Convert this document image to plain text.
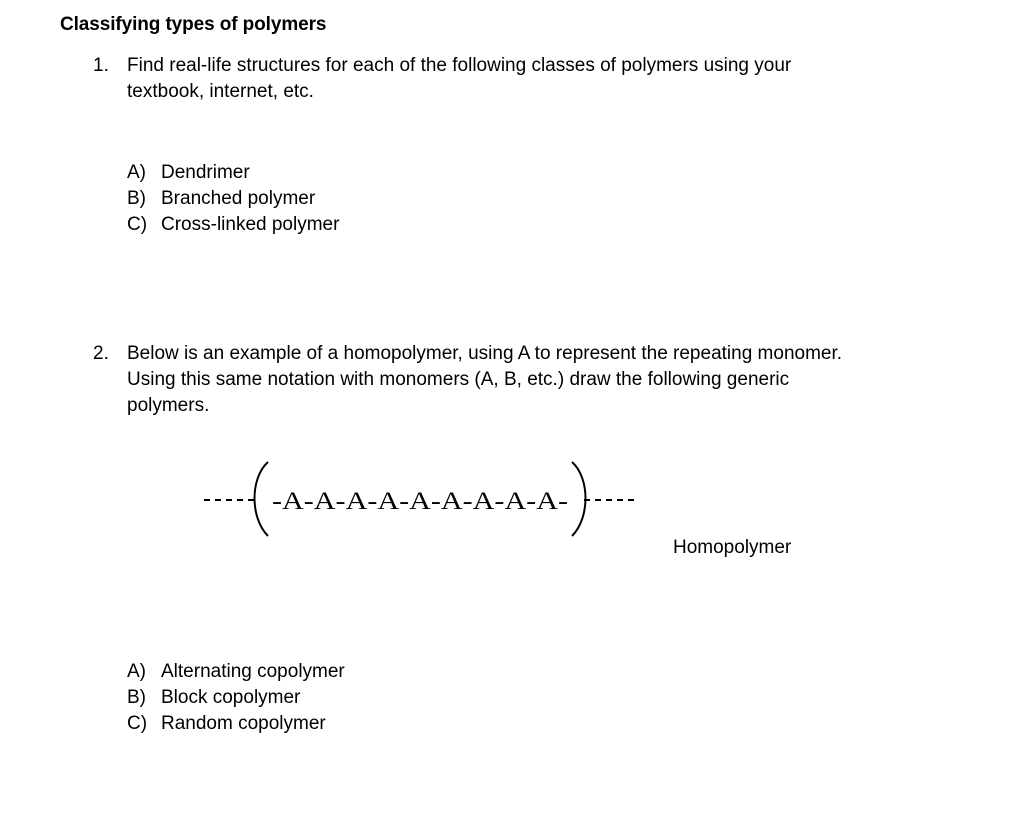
Classifying types of polymers
1. Find real-life structures for each of the following classes of polymers using your
textbook, internet, etc.
A) Dendrimer
B) Branched polymer
C) Cross-linked polymer
2. Below is an example of a homopolymer, using A to represent the repeating monomer.
Using this same notation with monomers (A, B, etc.) draw the following generic
polymers.
-A-A-A-A-A-A-A-A-A-
Homopolymer
A) Alternating copolymer
B) Block copolymer
C) Random copolymer
